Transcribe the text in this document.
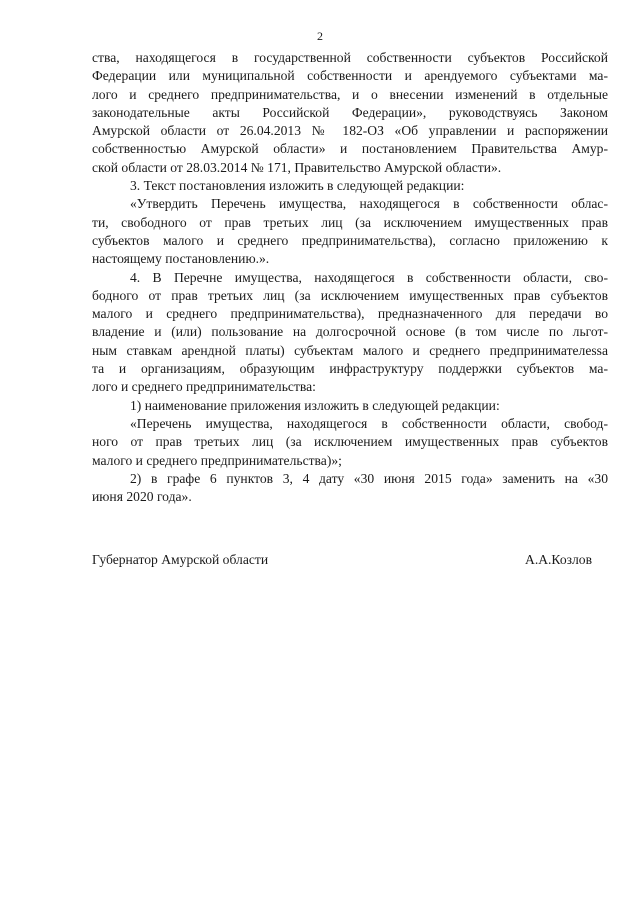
2
ства, находящегося в государственной собственности субъектов Российской
Федерации или муниципальной собственности и арендуемого субъектами ма-
лого и среднего предпринимательства, и о внесении изменений в отдельные
законодательные акты Российской Федерации», руководствуясь Законом
Амурской области от 26.04.2013 № 182-ОЗ «Об управлении и распоряжении
собственностью Амурской области» и постановлением Правительства Амур-
ской области от 28.03.2014 № 171, Правительство Амурской области».
3. Текст постановления изложить в следующей редакции:
«Утвердить Перечень имущества, находящегося в собственности облас-
ти, свободного от прав третьих лиц (за исключением имущественных прав
субъектов малого и среднего предпринимательства), согласно приложению к
настоящему постановлению.».
4. В Перечне имущества, находящегося в собственности области, сво-
бодного от прав третьих лиц (за исключением имущественных прав субъектов
малого и среднего предпринимательства), предназначенного для передачи во
владение и (или) пользование на долгосрочной основе (в том числе по льгот-
ным ставкам арендной платы) субъектам малого и среднего предпринимателessa
та и организациям, образующим инфраструктуру поддержки субъектов ма-
лого и среднего предпринимательства:
1) наименование приложения изложить в следующей редакции:
«Перечень имущества, находящегося в собственности области, свобод-
ного от прав третьих лиц (за исключением имущественных прав субъектов
малого и среднего предпринимательства)»;
2) в графе 6 пунктов 3, 4 дату «30 июня 2015 года» заменить на «30
июня 2020 года».
Губернатор Амурской области	А.А.Козлов
